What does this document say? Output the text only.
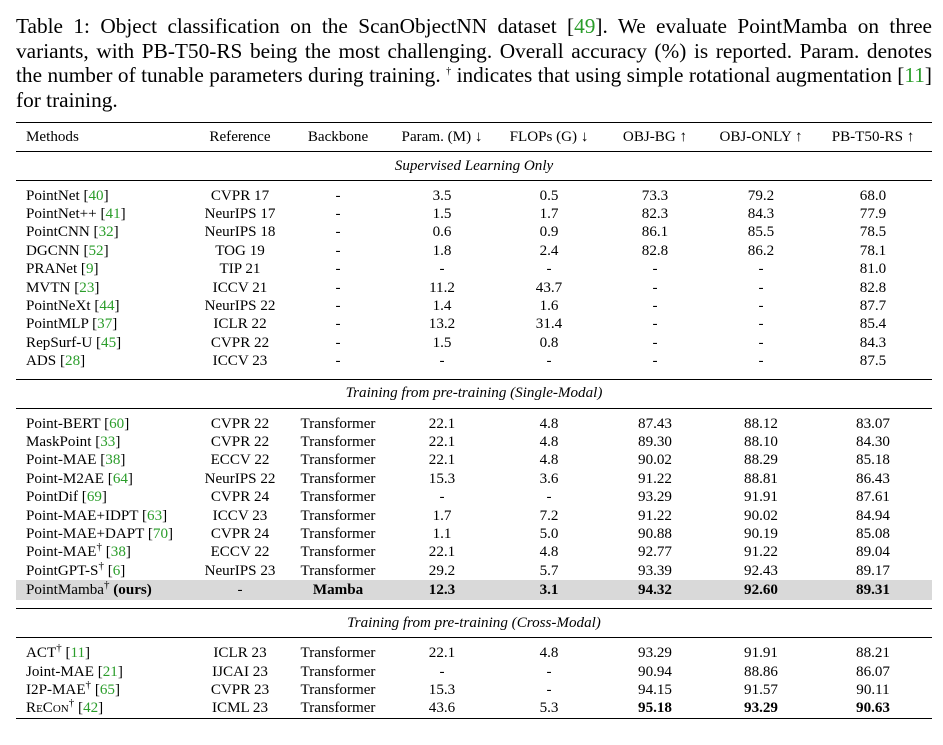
Table 1: Object classification on the ScanObjectNN dataset [49]. We evaluate PointMamba on three variants, with PB-T50-RS being the most challenging. Overall accuracy (%) is reported. Param. denotes the number of tunable parameters during training. † indicates that using simple rotational augmentation [11] for training.
Methods	Reference	Backbone	Param. (M) ↓	FLOPs (G) ↓	OBJ-BG ↑	OBJ-ONLY ↑	PB-T50-RS ↑
Supervised Learning Only							

PointNet [40]	CVPR 17	-	3.5	0.5	73.3	79.2	68.0
PointNet++ [41]	NeurIPS 17	-	1.5	1.7	82.3	84.3	77.9
PointCNN [32]	NeurIPS 18	-	0.6	0.9	86.1	85.5	78.5
DGCNN [52]	TOG 19	-	1.8	2.4	82.8	86.2	78.1
PRANet [9]	TIP 21	-	-	-	-	-	81.0
MVTN [23]	ICCV 21	-	11.2	43.7	-	-	82.8
PointNeXt [44]	NeurIPS 22	-	1.4	1.6	-	-	87.7
PointMLP [37]	ICLR 22	-	13.2	31.4	-	-	85.4
RepSurf-U [45]	CVPR 22	-	1.5	0.8	-	-	84.3
ADS [28]	ICCV 23	-	-	-	-	-	87.5

Training from pre-training (Single-Modal)							

Point-BERT [60]	CVPR 22	Transformer	22.1	4.8	87.43	88.12	83.07
MaskPoint [33]	CVPR 22	Transformer	22.1	4.8	89.30	88.10	84.30
Point-MAE [38]	ECCV 22	Transformer	22.1	4.8	90.02	88.29	85.18
Point-M2AE [64]	NeurIPS 22	Transformer	15.3	3.6	91.22	88.81	86.43
PointDif [69]	CVPR 24	Transformer	-	-	93.29	91.91	87.61
Point-MAE+IDPT [63]	ICCV 23	Transformer	1.7	7.2	91.22	90.02	84.94
Point-MAE+DAPT [70]	CVPR 24	Transformer	1.1	5.0	90.88	90.19	85.08
Point-MAE† [38]	ECCV 22	Transformer	22.1	4.8	92.77	91.22	89.04
PointGPT-S† [6]	NeurIPS 23	Transformer	29.2	5.7	93.39	92.43	89.17
PointMamba† (ours)	-	Mamba	12.3	3.1	94.32	92.60	89.31

Training from pre-training (Cross-Modal)							

ACT† [11]	ICLR 23	Transformer	22.1	4.8	93.29	91.91	88.21
Joint-MAE [21]	IJCAI 23	Transformer	-	-	90.94	88.86	86.07
I2P-MAE† [65]	CVPR 23	Transformer	15.3	-	94.15	91.57	90.11
ReCon† [42]	ICML 23	Transformer	43.6	5.3	95.18	93.29	90.63
